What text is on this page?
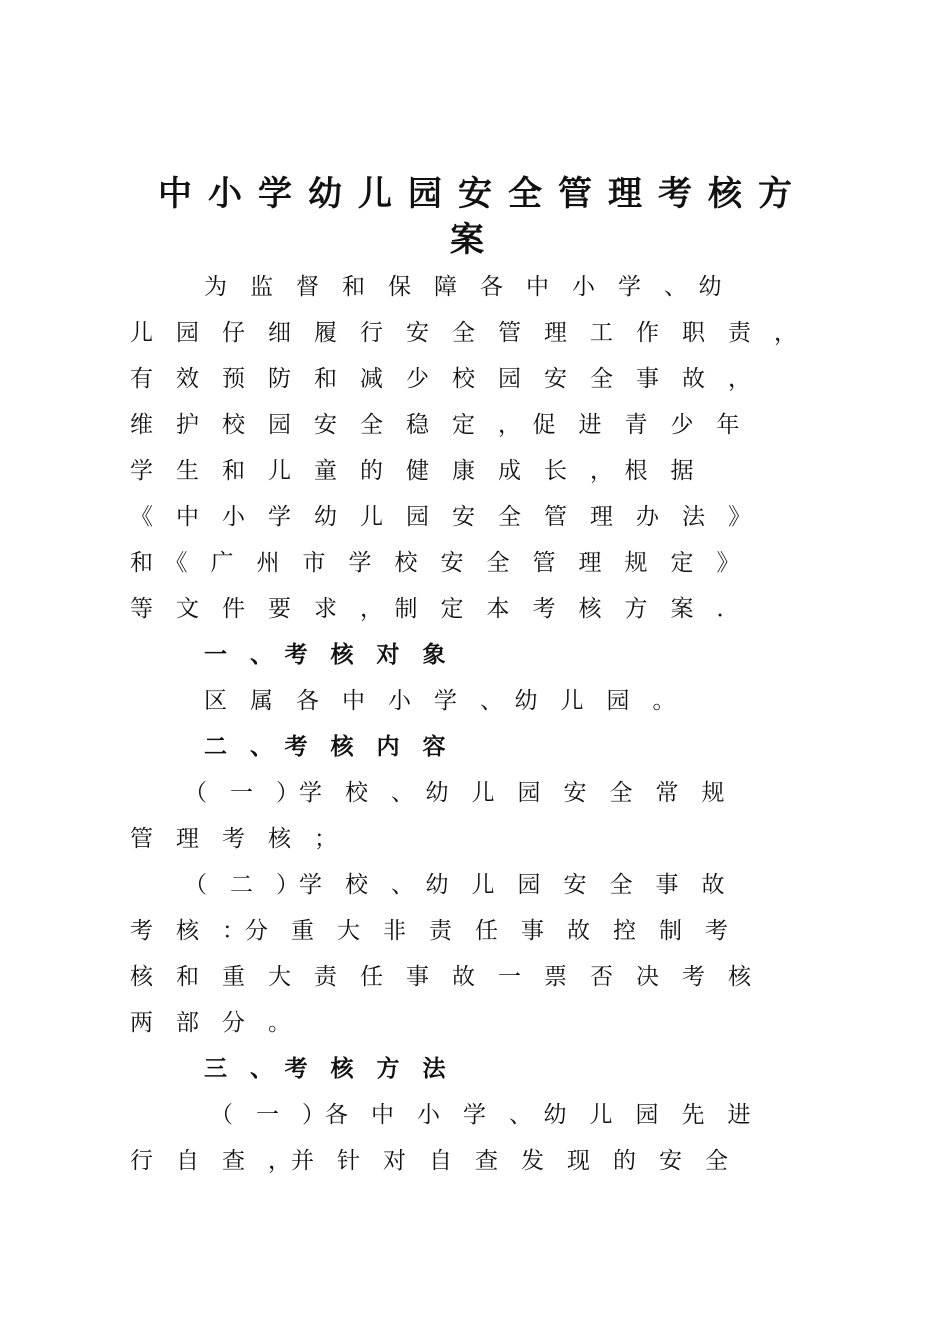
中小学幼儿园安全管理考核方
案
为　监　督　和　保　障　各　中　小　学　、　幼
儿　园　仔　细　履　行　安　全　管　理　工　作　职　责　，
有　效　预　防　和　减　少　校　园　安　全　事　故　，
维　护　校　园　安　全　稳　定　，　促　进　青　少　年
学　生　和　儿　童　的　健　康　成　长　，　根　据
《　中　小　学　幼　儿　园　安　全　管　理　办　法　》
和　《　广　州　市　学　校　安　全　管　理　规　定　》
等　文　件　要　求　，　制　定　本　考　核　方　案　．
一　、　考　核　对　象
区　属　各　中　小　学　、　幼　儿　园　。
二　、　考　核　内　容
（　一　）学　校　、　幼　儿　园　安　全　常　规
管　理　考　核　；
（　二　）学　校　、　幼　儿　园　安　全　事　故
考　核　：分　重　大　非　责　任　事　故　控　制　考
核　和　重　大　责　任　事　故　一　票　否　决　考　核
两　部　分　。
三　、　考　核　方　法
（　一　）各　中　小　学　、　幼　儿　园　先　进
行　自　查　，并　针　对　自　查　发　现　的　安　全
